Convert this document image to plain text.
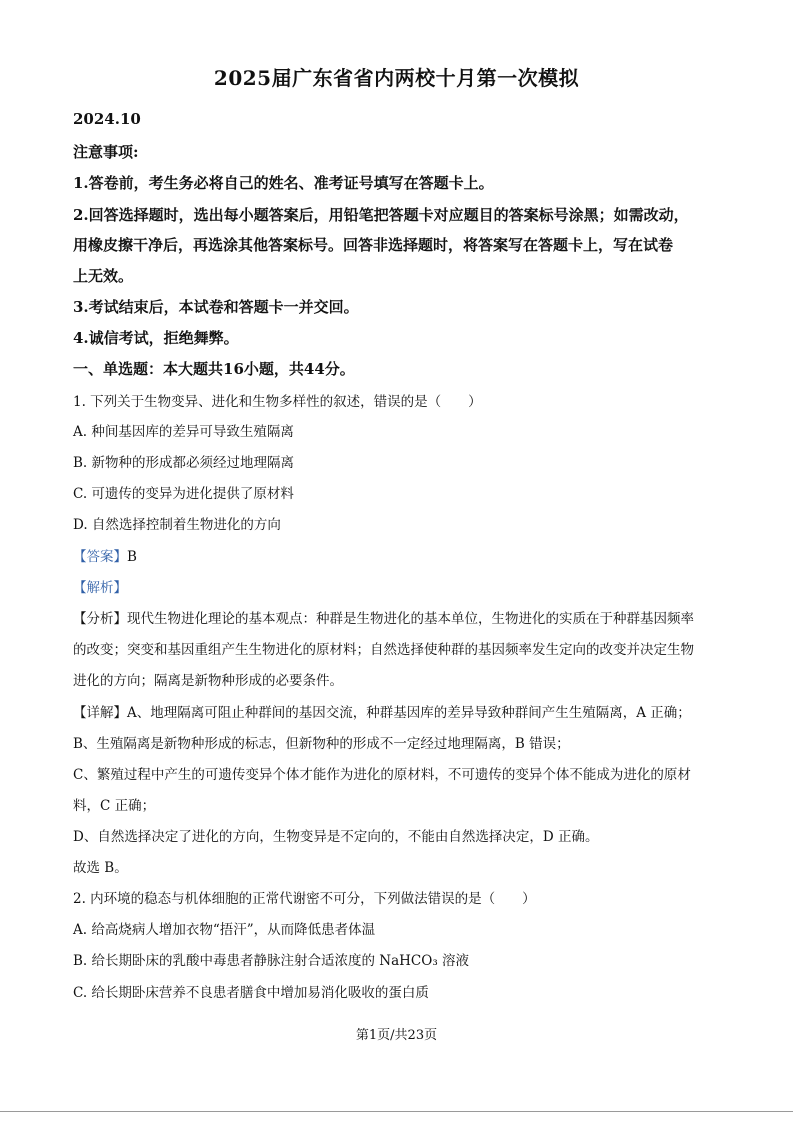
2025届广东省省内两校十月第一次模拟
2024.10
注意事项:
1.答卷前，考生务必将自己的姓名、准考证号填写在答题卡上。
2.回答选择题时，选出每小题答案后，用铅笔把答题卡对应题目的答案标号涂黑；如需改动，
用橡皮擦干净后，再选涂其他答案标号。回答非选择题时，将答案写在答题卡上，写在试卷
上无效。
3.考试结束后，本试卷和答题卡一并交回。
4.诚信考试，拒绝舞弊。
一、单选题：本大题共16小题，共44分。
1. 下列关于生物变异、进化和生物多样性的叙述，错误的是（　　）
A. 种间基因库的差异可导致生殖隔离
B. 新物种的形成都必须经过地理隔离
C. 可遗传的变异为进化提供了原材料
D. 自然选择控制着生物进化的方向
【答案】B
【解析】
【分析】现代生物进化理论的基本观点：种群是生物进化的基本单位，生物进化的实质在于种群基因频率
的改变；突变和基因重组产生生物进化的原材料；自然选择使种群的基因频率发生定向的改变并决定生物
进化的方向；隔离是新物种形成的必要条件。
【详解】A、地理隔离可阻止种群间的基因交流，种群基因库的差异导致种群间产生生殖隔离，A 正确；
B、生殖隔离是新物种形成的标志，但新物种的形成不一定经过地理隔离，B 错误；
C、繁殖过程中产生的可遗传变异个体才能作为进化的原材料，不可遗传的变异个体不能成为进化的原材
料，C 正确；
D、自然选择决定了进化的方向，生物变异是不定向的，不能由自然选择决定，D 正确。
故选 B。
2. 内环境的稳态与机体细胞的正常代谢密不可分，下列做法错误的是（　　）
A. 给高烧病人增加衣物“捂汗”，从而降低患者体温
B. 给长期卧床的乳酸中毒患者静脉注射合适浓度的 NaHCO₃ 溶液
C. 给长期卧床营养不良患者膳食中增加易消化吸收的蛋白质
第1页/共23页
